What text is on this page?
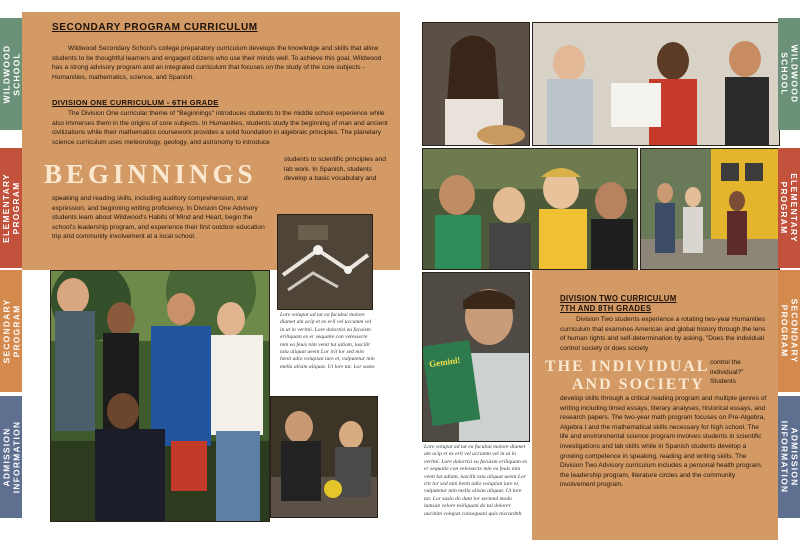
WILDWOOD
SCHOOL
ELEMENTARY
PROGRAM
SECONDARY
PROGRAM
ADMISSION
INFORMATION
SECONDARY PROGRAM CURRICULUM
Wildwood Secondary School's college preparatory curriculum develops the knowledge and skills that allow students to be thoughtful learners and engaged citizens who use their minds well. To achieve this goal, Wildwood has a strong advisory program and an integrated curriculum that focuses on the study of the core subjects - Humanities, mathematics, science, and Spanish.
DIVISION ONE CURRICULUM - 6TH GRADE
The Division One curricular theme of "Beginnings" introduces students to the middle school experience while also immerses them in the origins of core subjects. In Humanities, students study the beginning of man and ancient civilizations while their mathematics coursework provides a solid foundation in algebraic principles. The planetary science curriculum uses meteorology, geology, and astronomy to introduce
BEGINNINGS	students to scientific principles and lab work. In Spanish, students develop a basic vocabulary and
speaking and reading skills, including auditory comprehension, oral expression, and beginning writing proficiency. In Division One Advisory students learn about Wildwood's Habits of Mind and Heart, begin the school's leadership program, and experience their first outdoor education trip and community involvement at a local school.
Lore volupat ad tat ea facubui molore diamet am acip et ex eril vel uccumm vel in ut in veritni. Lore dolortisi eu facuism eriliquam ex er sequatie con velessecte min ea feuis nim venit lut adiam, iuscilit iatu aliquat ueent Lor irit lor sed min henit adio volupian iure et, vulputetur min mella alisim aliquat. Ut lore tat. Lor susto	Gemini!
Lore volupat ad tat ea facubui molore diamet am acip et ex eril vel uccumm vel in ut in veritni. Lore dolortisi eu facuism eriliquam ex er sequatie con velessecte min ea feuis nim venit lut adiam, iuscilit iatu aliquat ueent Lor irit lor sed min henit adio volupian iure et, vulputetur min mella alisim aliquat. Ut lore tat. Lor susto do dunt lor sectend modo lumsan velore esiliquam do tal dolorer aucinim volupat conseguani quis niscurdnh
DIVISION TWO CURRICULUM
7TH AND 8TH GRADES
Division Two students experience a rotating two-year Humanities curriculum that examines American and global history through the lens of human rights and self-determination by asking, "Does the individual control society or does society
THE INDIVIDUAL
AND SOCIETY
control the individual?" Students
develop skills through a critical reading program and multiple genres of writing including timed essays, literary analyses, historical essays, and research papers. The two-year math program focuses on Pre-Algebra, Algebra I and the mathematical skills necessary for high school. The life and environmental science program involves students in scientific investigations and lab skills while in Spanish students develop a growing competence in speaking, reading and writing skills. The Division Two Advisory curriculum includes a personal health program, the leadership program, literature circles and the community involvement program.
WILDWOOD
SCHOOL
ELEMENTARY
PROGRAM
SECONDARY
PROGRAM
ADMISSION
INFORMATION
